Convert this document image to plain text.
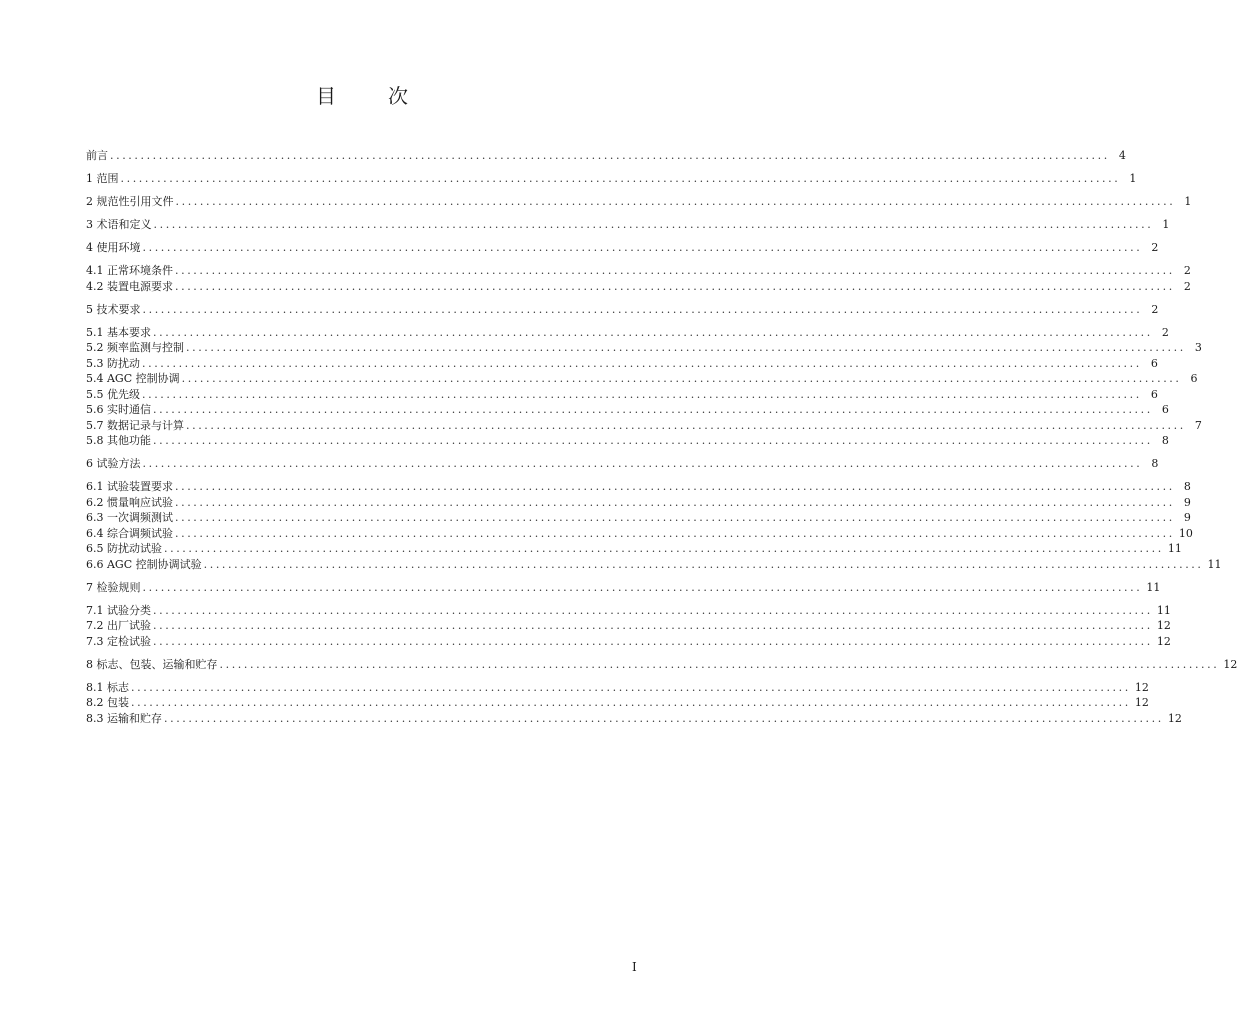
目　次
前言 .................................................................................................................................................................... 4
1 范围 .................................................................................................................................................................... 1
2 规范性引用文件 .................................................................................................................................................................... 1
3 术语和定义 .................................................................................................................................................................... 1
4 使用环境 .................................................................................................................................................................... 2
4.1 正常环境条件 .................................................................................................................................................................... 2
4.2 装置电源要求 .................................................................................................................................................................... 2
5 技术要求 .................................................................................................................................................................... 2
5.1 基本要求 .................................................................................................................................................................... 2
5.2 频率监测与控制 .................................................................................................................................................................... 3
5.3 防扰动 .................................................................................................................................................................... 6
5.4 AGC 控制协调 .................................................................................................................................................................... 6
5.5 优先级 .................................................................................................................................................................... 6
5.6 实时通信 .................................................................................................................................................................... 6
5.7 数据记录与计算 .................................................................................................................................................................... 7
5.8 其他功能 .................................................................................................................................................................... 8
6 试验方法 .................................................................................................................................................................... 8
6.1 试验装置要求 .................................................................................................................................................................... 8
6.2 惯量响应试验 .................................................................................................................................................................... 9
6.3 一次调频测试 .................................................................................................................................................................... 9
6.4 综合调频试验 .................................................................................................................................................................... 10
6.5 防扰动试验 .................................................................................................................................................................... 11
6.6 AGC 控制协调试验 .................................................................................................................................................................... 11
7 检验规则 .................................................................................................................................................................... 11
7.1 试验分类 .................................................................................................................................................................... 11
7.2 出厂试验 .................................................................................................................................................................... 12
7.3 定检试验 .................................................................................................................................................................... 12
8 标志、包装、运输和贮存 .................................................................................................................................................................... 12
8.1 标志 .................................................................................................................................................................... 12
8.2 包装 .................................................................................................................................................................... 12
8.3 运输和贮存 .................................................................................................................................................................... 12
I
